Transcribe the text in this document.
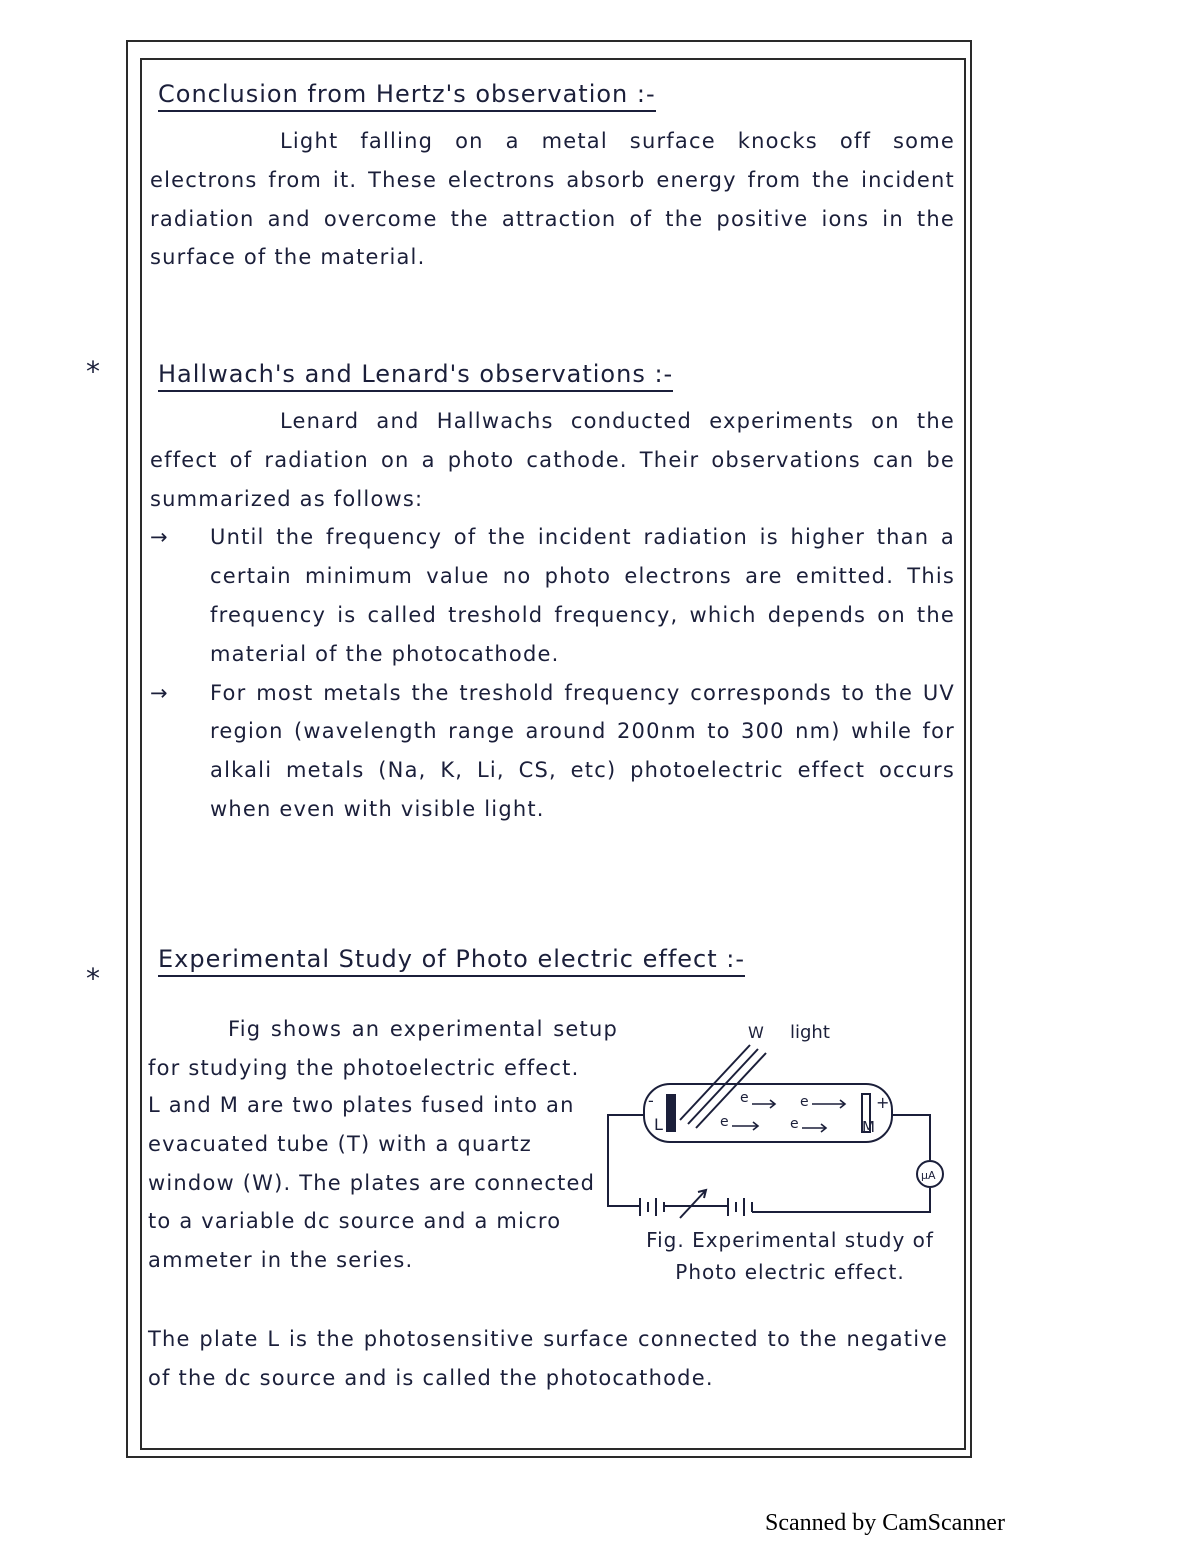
Conclusion from Hertz's observation :-

Light falling on a metal surface knocks off some electrons from it. These electrons absorb energy from the incident radiation and overcome the attraction of the positive ions in the surface of the material.

* Hallwach's and Lenard's observations :-

Lenard and Hallwachs conducted experiments on the effect of radiation on a photo cathode. Their observations can be summarized as follows:

→	Until the frequency of the incident radiation is higher than a certain minimum value no photo electrons are emitted. This frequency is called treshold frequency, which depends on the material of the photocathode.
→	For most metals the treshold frequency corresponds to the UV region (wavelength range around 200nm to 300 nm) while for alkali metals (Na, K, Li, CS, etc) photoelectric effect occurs when even with visible light.
*
Experimental Study of Photo electric effect :-

Fig shows an experimental setup for studying the photoelectric effect.

L and M are two plates fused into an evacuated tube (T) with a quartz window (W). The plates are connected to a variable dc source and a micro ammeter in the series.

The plate L is the photosensitive surface connected to the negative of the dc source and is called the photocathode.

light
W
-
L
+
M
e	e
e	e
μA
Fig. Experimental study of Photo electric effect.
Scanned by CamScanner
